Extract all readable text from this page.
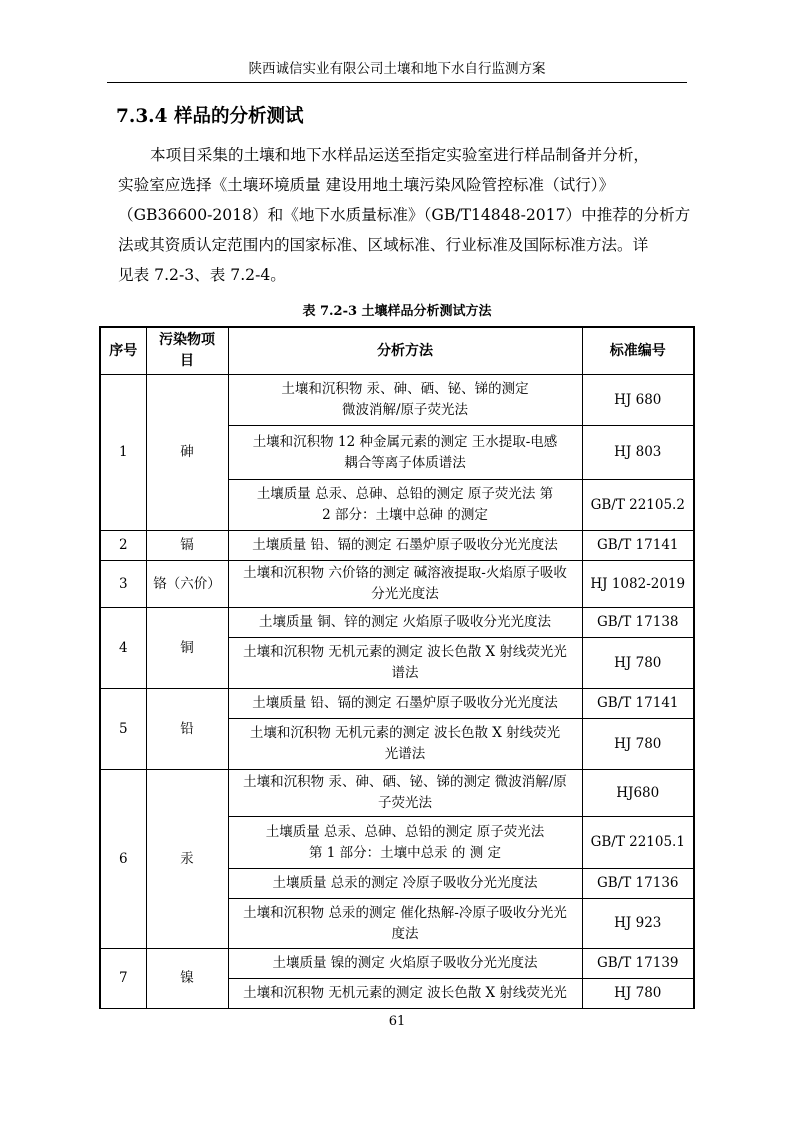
陕西诚信实业有限公司土壤和地下水自行监测方案
7.3.4 样品的分析测试
本项目采集的土壤和地下水样品运送至指定实验室进行样品制备并分析，
实验室应选择《土壤环境质量 建设用地土壤污染风险管控标准（试行）》
（GB36600-2018）和《地下水质量标准》（GB/T14848-2017）中推荐的分析方
法或其资质认定范围内的国家标准、区域标准、行业标准及国际标准方法。详
见表 7.2-3、表 7.2-4。
表 7.2-3 土壤样品分析测试方法
序号	污染物项目	分析方法	标准编号
1	砷	土壤和沉积物 汞、砷、硒、铋、锑的测定
微波消解/原子荧光法	HJ 680

		土壤和沉积物 12 种金属元素的测定 王水提取-电感
耦合等离子体质谱法	HJ 803

		土壤质量 总汞、总砷、总铅的测定 原子荧光法 第
2 部分：土壤中总砷 的测定	GB/T 22105.2
2	镉	土壤质量 铅、镉的测定 石墨炉原子吸收分光光度法	GB/T 17141
3	铬（六价）	土壤和沉积物 六价铬的测定 碱溶液提取-火焰原子吸收
分光光度法	HJ 1082-2019
4	铜	土壤质量 铜、锌的测定 火焰原子吸收分光光度法	GB/T 17138

		土壤和沉积物 无机元素的测定 波长色散 X 射线荧光光
谱法	HJ 780
5	铅	土壤质量 铅、镉的测定 石墨炉原子吸收分光光度法	GB/T 17141

		土壤和沉积物 无机元素的测定 波长色散 X 射线荧光
光谱法	HJ 780
6	汞	土壤和沉积物 汞、砷、硒、铋、锑的测定 微波消解/原
子荧光法	HJ680

		土壤质量 总汞、总砷、总铅的测定 原子荧光法
第 1 部分：土壤中总汞 的 测 定	GB/T 22105.1

		土壤质量 总汞的测定 冷原子吸收分光光度法	GB/T 17136

		土壤和沉积物 总汞的测定 催化热解-冷原子吸收分光光
度法	HJ 923
7	镍	土壤质量 镍的测定 火焰原子吸收分光光度法	GB/T 17139

		土壤和沉积物 无机元素的测定 波长色散 X 射线荧光光	HJ 780
61
